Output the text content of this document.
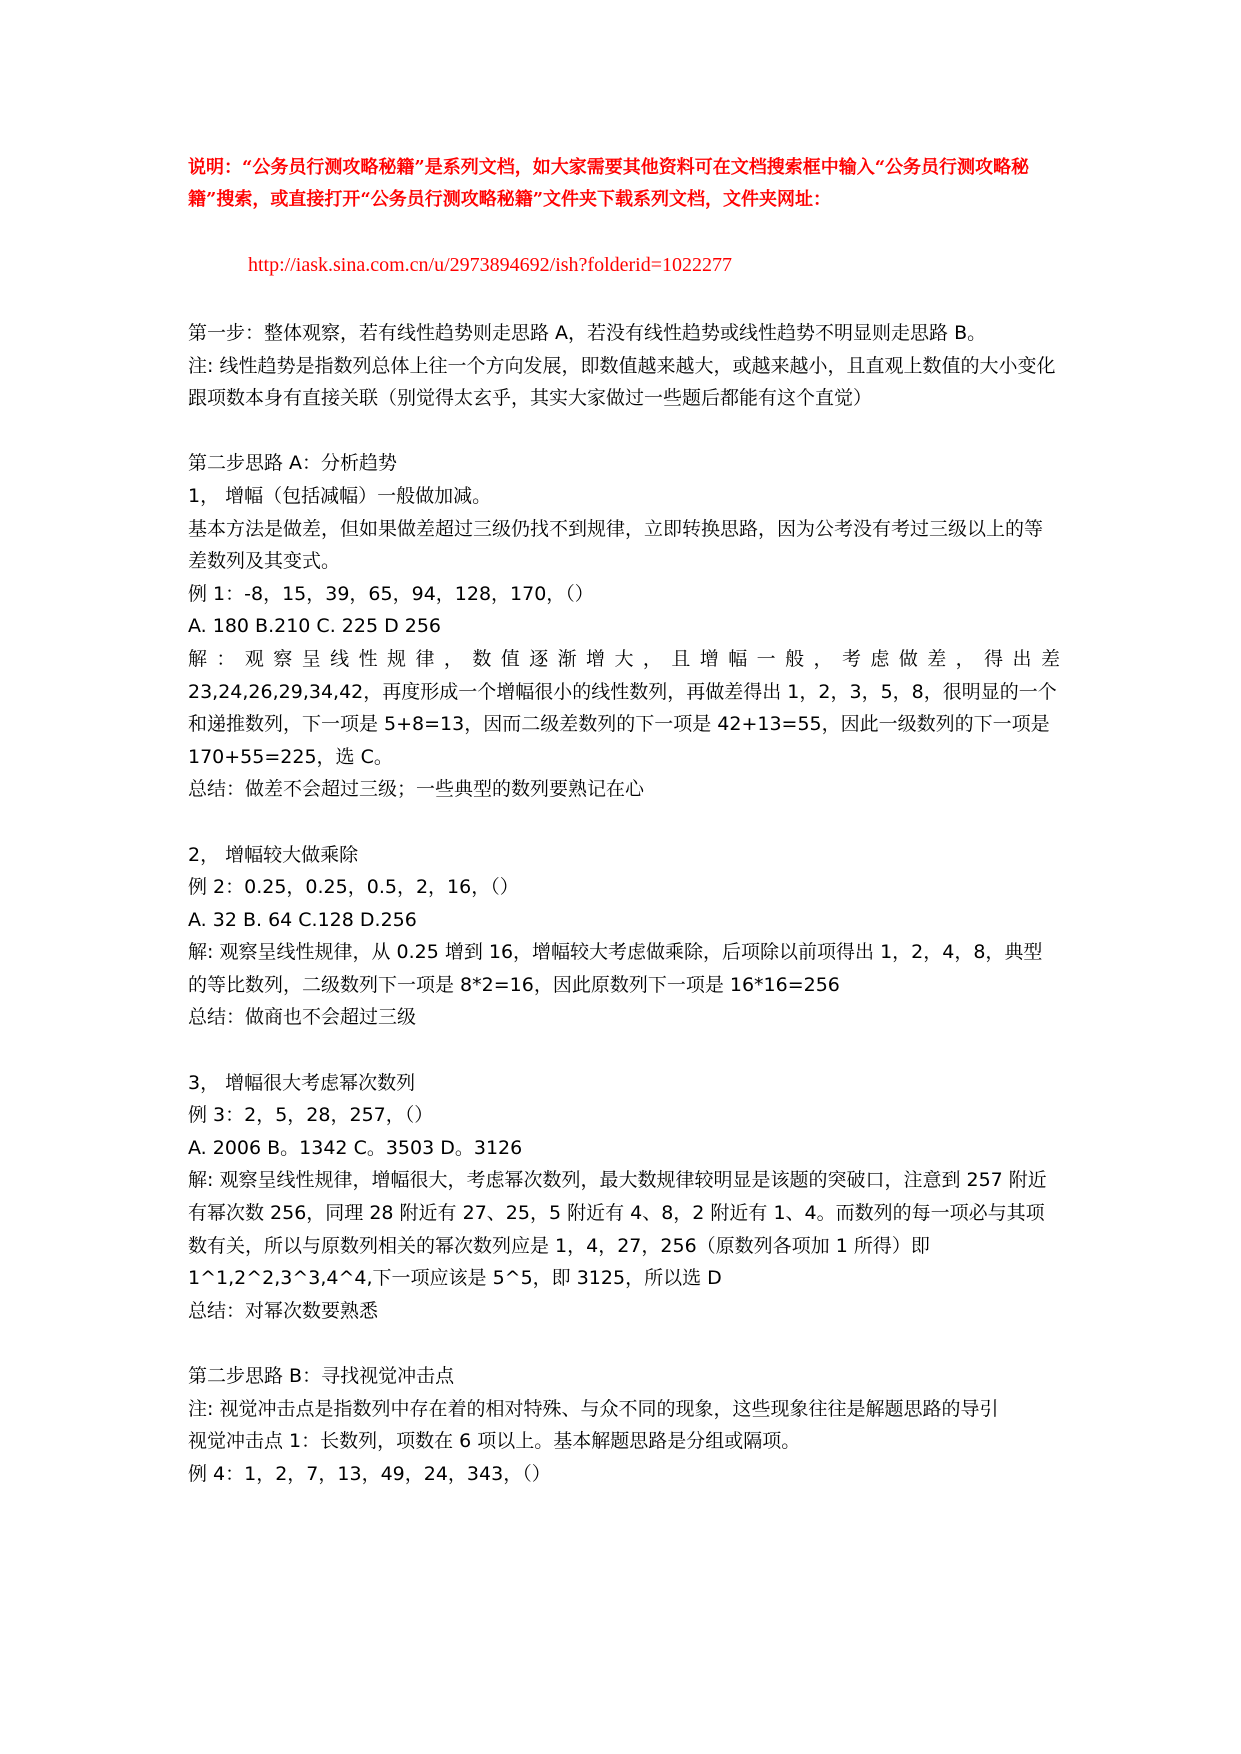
说明：“公务员行测攻略秘籍”是系列文档，如大家需要其他资料可在文档搜索框中输入“公务员行测攻略秘籍”搜索，或直接打开“公务员行测攻略秘籍”文件夹下载系列文档，文件夹网址：

http://iask.sina.com.cn/u/2973894692/ish?folderid=1022277

第一步：整体观察，若有线性趋势则走思路 A，若没有线性趋势或线性趋势不明显则走思路 B。

注: 线性趋势是指数列总体上往一个方向发展，即数值越来越大，或越来越小，且直观上数值的大小变化跟项数本身有直接关联（别觉得太玄乎，其实大家做过一些题后都能有这个直觉）

第二步思路 A：分析趋势

1， 增幅（包括减幅）一般做加减。

基本方法是做差，但如果做差超过三级仍找不到规律，立即转换思路，因为公考没有考过三级以上的等差数列及其变式。

例 1：-8，15，39，65，94，128，170，（）

A. 180 B.210 C. 225 D 256

解：观察呈线性规律，数值逐渐增大，且增幅一般，考虑做差，得出差

23,24,26,29,34,42，再度形成一个增幅很小的线性数列，再做差得出 1，2，3，5，8，很明显的一个和递推数列，下一项是 5+8=13，因而二级差数列的下一项是 42+13=55，因此一级数列的下一项是 170+55=225，选 C。

总结：做差不会超过三级；一些典型的数列要熟记在心

2， 增幅较大做乘除

例 2：0.25，0.25，0.5，2，16，（）

A. 32 B. 64 C.128 D.256

解: 观察呈线性规律，从 0.25 增到 16，增幅较大考虑做乘除，后项除以前项得出 1，2，4，8，典型的等比数列，二级数列下一项是 8*2=16，因此原数列下一项是 16*16=256

总结：做商也不会超过三级

3， 增幅很大考虑幂次数列

例 3：2，5，28，257，（）

A. 2006 B。1342 C。3503 D。3126

解: 观察呈线性规律，增幅很大，考虑幂次数列，最大数规律较明显是该题的突破口，注意到 257 附近有幂次数 256，同理 28 附近有 27、25，5 附近有 4、8，2 附近有 1、4。而数列的每一项必与其项数有关，所以与原数列相关的幂次数列应是 1，4，27，256（原数列各项加 1 所得）即 1^1,2^2,3^3,4^4,下一项应该是 5^5，即 3125，所以选 D

总结：对幂次数要熟悉

第二步思路 B：寻找视觉冲击点

注: 视觉冲击点是指数列中存在着的相对特殊、与众不同的现象，这些现象往往是解题思路的导引

视觉冲击点 1：长数列，项数在 6 项以上。基本解题思路是分组或隔项。

例 4：1，2，7，13，49，24，343，（）
